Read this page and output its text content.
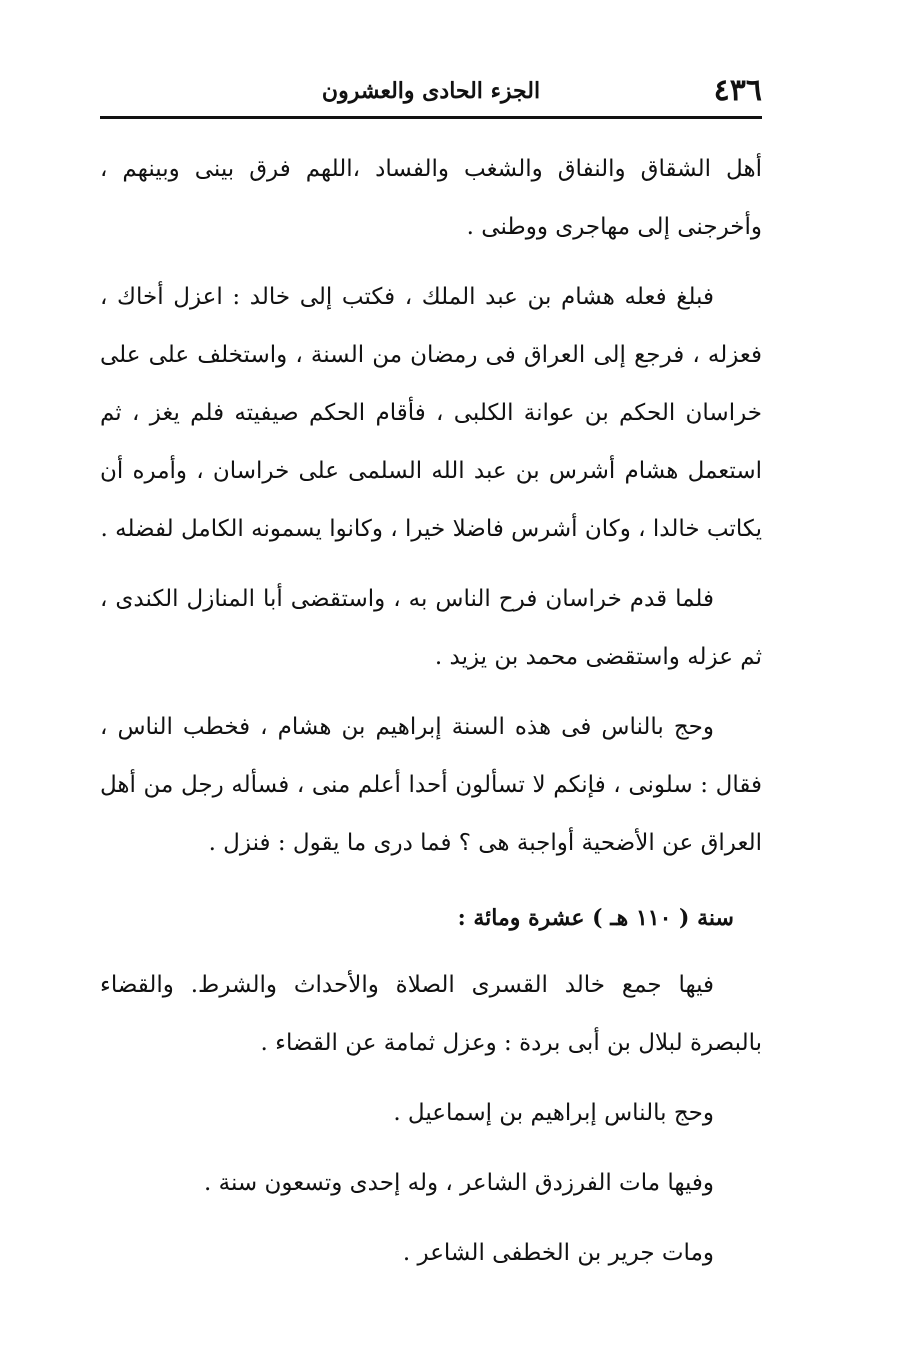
٤٣٦
الجزء الحادى والعشرون

أهل الشقاق والنفاق والشغب والفساد ،اللهم فرق بينى وبينهم ، وأخرجنى إلى مهاجرى ووطنى .

فبلغ فعله هشام بن عبد الملك ، فكتب إلى خالد : اعزل أخاك ، فعزله ، فرجع إلى العراق فى رمضان من السنة ، واستخلف على على خراسان الحكم بن عوانة الكلبى ، فأقام الحكم صيفيته فلم يغز ، ثم استعمل هشام أشرس بن عبد الله السلمى على خراسان ، وأمره أن يكاتب خالدا ، وكان أشرس فاضلا خيرا ، وكانوا يسمونه الكامل لفضله .

فلما قدم خراسان فرح الناس به ، واستقضى أبا المنازل الكندى ، ثم عزله واستقضى محمد بن يزيد .

وحج بالناس فى هذه السنة إبراهيم بن هشام ، فخطب الناس ، فقال : سلونى ، فإنكم لا تسألون أحدا أعلم منى ، فسأله رجل من أهل العراق عن الأضحية أواجبة هى ؟ فما درى ما يقول : فنزل .

سنة ( ١١٠ هـ ) عشرة ومائة :

فيها جمع خالد القسرى الصلاة والأحداث والشرط. والقضاء بالبصرة لبلال بن أبى بردة : وعزل ثمامة عن القضاء .

وحج بالناس إبراهيم بن إسماعيل .

وفيها مات الفرزدق الشاعر ، وله إحدى وتسعون سنة .

ومات جرير بن الخطفى الشاعر .
